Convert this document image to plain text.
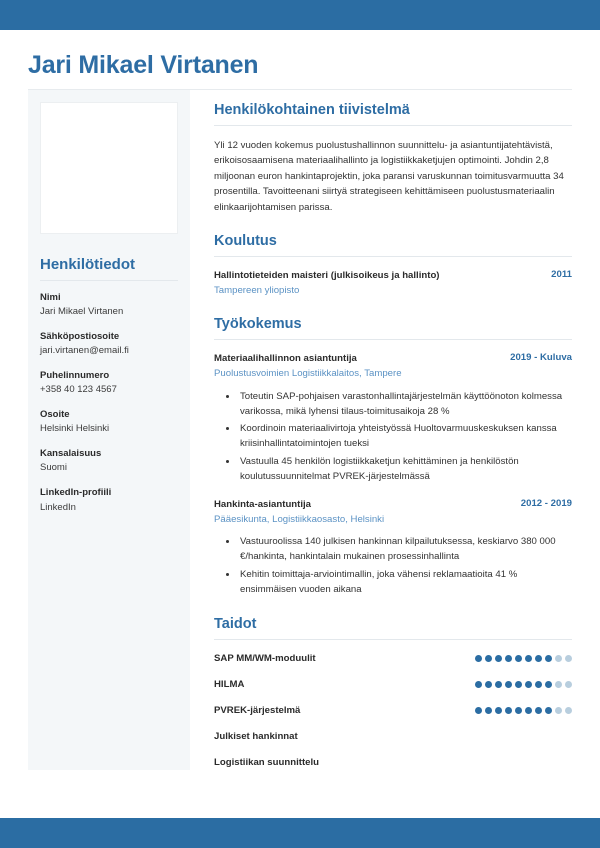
Jari Mikael Virtanen
Henkilötiedot
Nimi
Jari Mikael Virtanen
Sähköpostiosoite
jari.virtanen@email.fi
Puhelinnumero
+358 40 123 4567
Osoite
Helsinki Helsinki
Kansalaisuus
Suomi
LinkedIn-profiili
LinkedIn
Henkilökohtainen tiivistelmä
Yli 12 vuoden kokemus puolustushallinnon suunnittelu- ja asiantuntijatehtävistä, erikoisosaamisena materiaalihallinto ja logistiikkaketjujen optimointi. Johdin 2,8 miljoonan euron hankintaprojektin, joka paransi varuskunnan toimitusvarmuutta 34 prosentilla. Tavoitteenani siirtyä strategiseen kehittämiseen puolustusmateriaalin elinkaarijohtamisen parissa.
Koulutus
Hallintotieteiden maisteri (julkisoikeus ja hallinto)	2011
Tampereen yliopisto
Työkokemus
Materiaalihallinnon asiantuntija	2019 - Kuluva
Puolustusvoimien Logistiikkalaitos, Tampere
• Toteutin SAP-pohjaisen varastonhallintajärjestelmän käyttöönoton kolmessa varikossa, mikä lyhensi tilaus-toimitusaikoja 28 %
• Koordinoin materiaalivirtoja yhteistyössä Huoltovarmuuskeskuksen kanssa kriisinhallintatoimintojen tueksi
• Vastuulla 45 henkilön logistiikkaketjun kehittäminen ja henkilöstön koulutussuunnitelmat PVREK-järjestelmässä
Hankinta-asiantuntija	2012 - 2019
Pääesikunta, Logistiikkaosasto, Helsinki
• Vastuuroolissa 140 julkisen hankinnan kilpailutuksessa, keskiarvo 380 000 €/hankinta, hankintalain mukainen prosessinhallinta
• Kehitin toimittaja-arviointimallin, joka vähensi reklamaatioita 41 % ensimmäisen vuoden aikana
Taidot
SAP MM/WM-moduulit
HILMA
PVREK-järjestelmä
Julkiset hankinnat
Logistiikan suunnittelu
